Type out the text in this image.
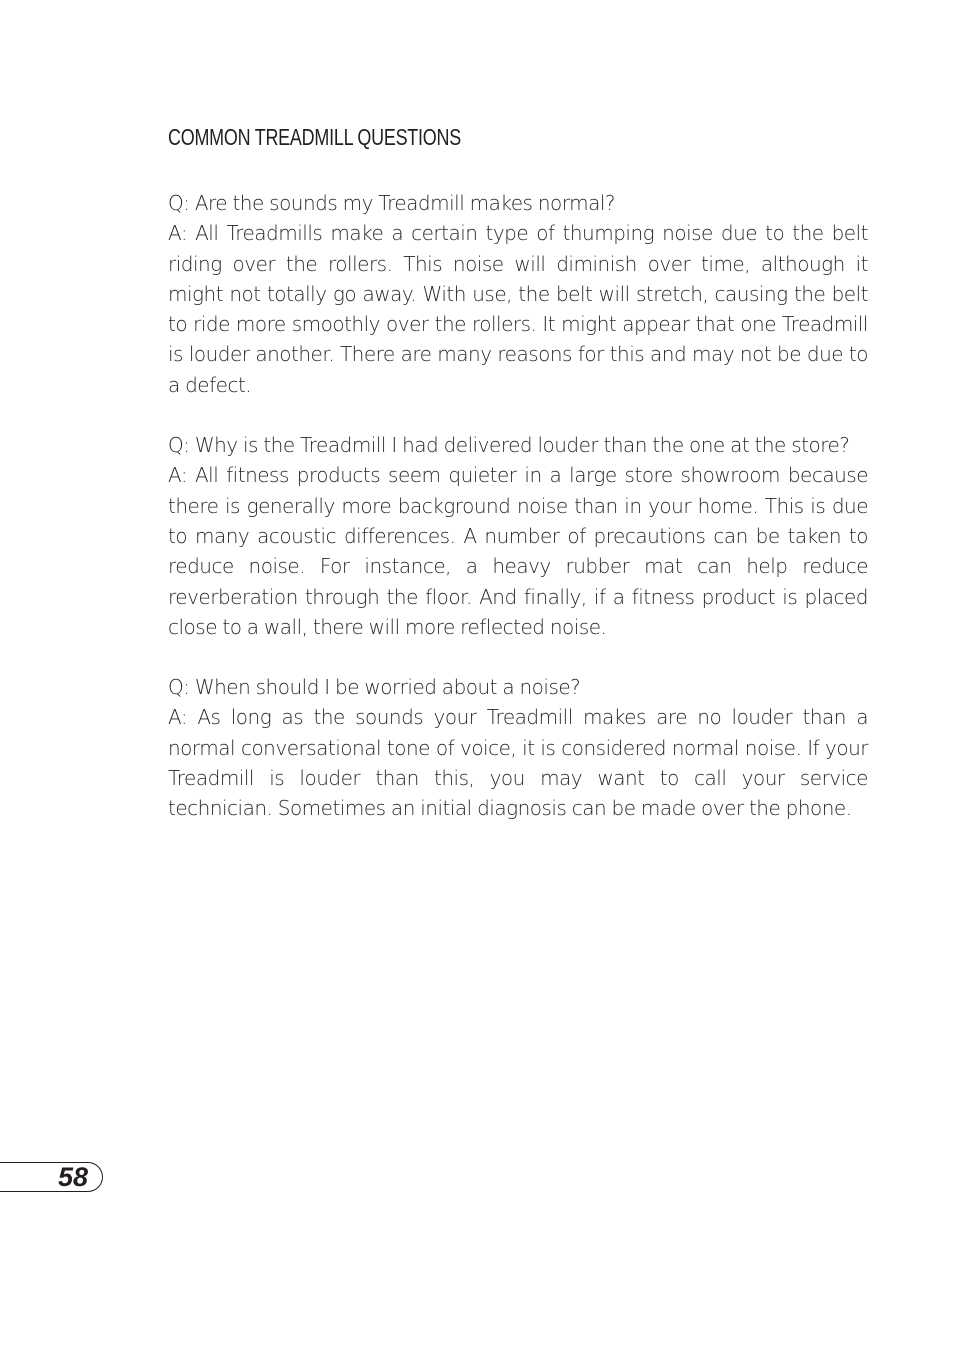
COMMON TREADMILL QUESTIONS

Q: Are the sounds my Treadmill makes normal?

A: All Treadmills make a certain type of thumping noise due to the belt riding over the rollers. This noise will diminish over time, although it might not totally go away. With use, the belt will stretch, causing the belt to ride more smoothly over the rollers. It might appear that one Treadmill is louder another. There are many reasons for this and may not be due to a defect.

Q: Why is the Treadmill I had delivered louder than the one at the store?

A: All fitness products seem quieter in a large store showroom because there is generally more background noise than in your home. This is due to many acoustic differences. A number of precautions can be taken to reduce noise. For instance, a heavy rubber mat can help reduce reverberation through the floor. And finally, if a fitness product is placed close to a wall, there will more reflected noise.

Q: When should I be worried about a noise?

A: As long as the sounds your Treadmill makes are no louder than a normal conversational tone of voice, it is considered normal noise. If your Treadmill is louder than this, you may want to call your service technician. Sometimes an initial diagnosis can be made over the phone.

58
